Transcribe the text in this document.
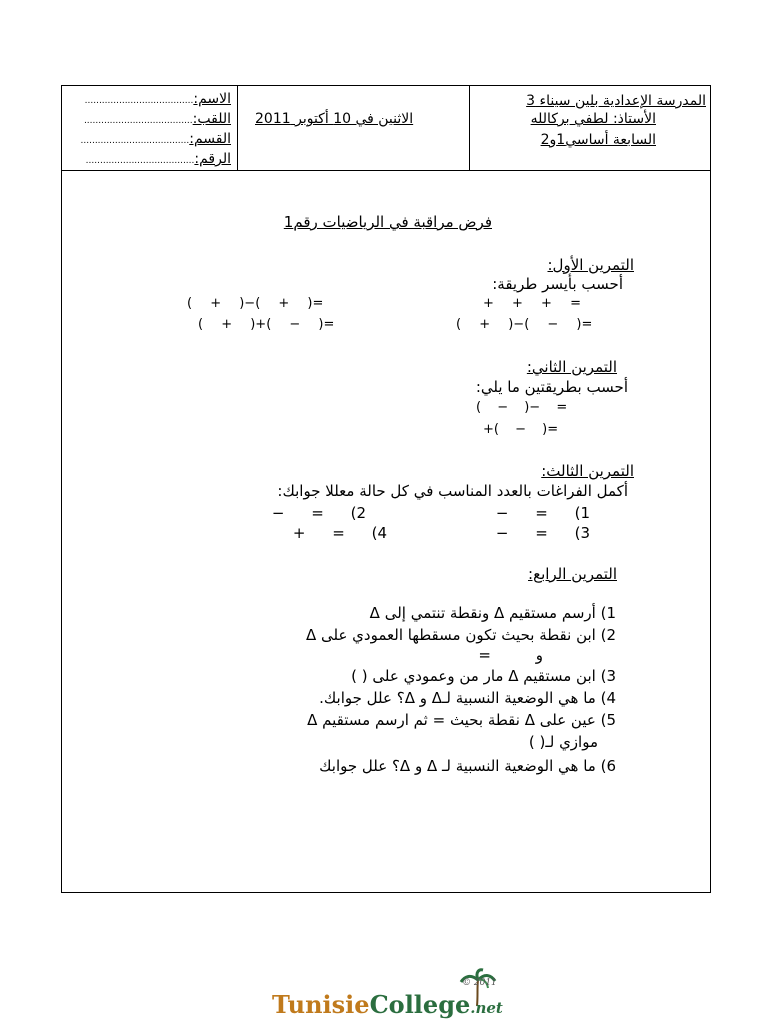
المدرسة الإعدادية بلين سيناء 3
الأستاذ: لطفي بركالله
السابعة أساسي1و2
الاثنين في 10 أكتوبر 2011
الاسم:......................................
اللقب:......................................
القسم:......................................
الرقم:......................................
فرض مراقبة في الرياضيات رقم1
التمرين الأول:
أحسب بأيسر طريقة:
+ + + =
( + )−( + )=
( + )−( − )=
( + )+( − )=
التمرين الثاني:
أحسب بطريقتين ما يلي:
( − )− =
+( − )=
التمرين الثالث:
أكمل الفراغات بالعدد المناسب في كل حالة معللا جوابك:
1) = −
2) = −
3) = −
4) = +
التمرين الرابع:
1) أرسم مستقيم Δ ونقطة تنتمي إلى Δ
2) ابن نقطة بحيث تكون مسقطها العمودي على Δ
و =
3) ابن مستقيم Δ مار من وعمودي على ( )
4) ما هي الوضعية النسبية لـΔ و Δ؟ علل جوابك.
5) عين على Δ نقطة بحيث = ثم ارسم مستقيم Δ
موازي لـ( )
6) ما هي الوضعية النسبية لـ Δ و Δ؟ علل جوابك
TunisieCollege.net
© 2011
